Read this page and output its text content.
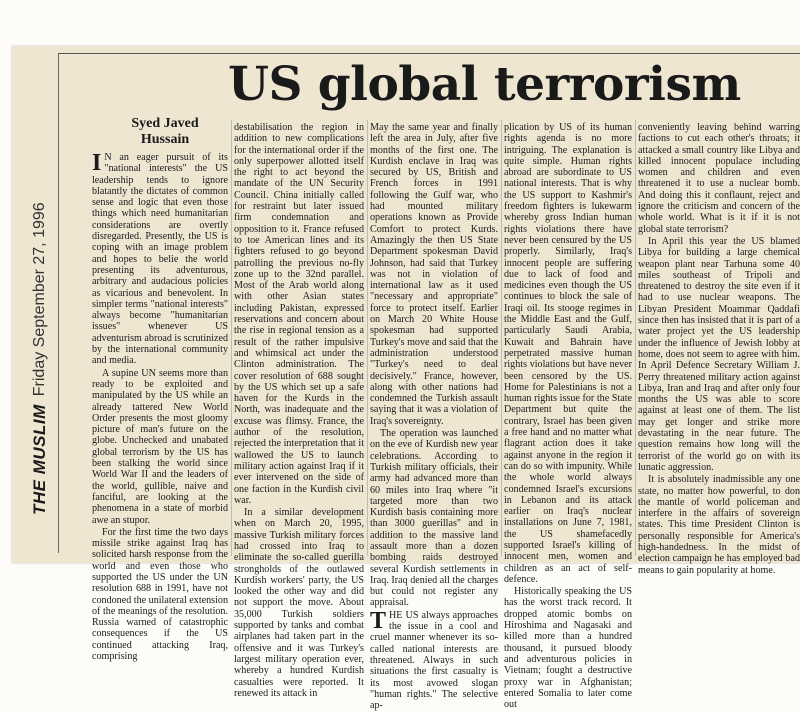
THE MUSLIM
Friday September 27, 1996
US global terrorism
Syed Javed
Hussain

I N an eager pursuit of its "national interests" the US leadership tends to ignore blatantly the dictates of common sense and logic that even those things which need humanitarian considerations are overtly disregarded. Presently, the US is coping with an image problem and hopes to belie the world presenting its adventurous, arbitrary and audacious policies as vicarious and benevolent. In simpler terms "national interests" always become "humanitarian issues" whenever US adventurism abroad is scrutinized by the international community and media.

A supine UN seems more than ready to be exploited and manipulated by the US while an already tattered New World Order presents the most gloomy picture of man's future on the globe. Unchecked and unabated global terrorism by the US has been stalking the world since World War II and the leaders of the world, gullible, naive and fanciful, are looking at the phenomena in a state of morbid awe an stupor.

For the first time the two days missile strike against Iraq has solicited harsh response from the world and even those who supported the US under the UN resolution 688 in 1991, have not condoned the unilateral extension of the meanings of the resolution. Russia warned of catastrophic consequences if the US continued attacking Iraq, comprising

destabilisation the region in addition to new complications for the international order if the only superpower allotted itself the right to act beyond the mandate of the UN Security Council. China initially called for restraint but later issued firm condemnation and opposition to it. France refused to toe American lines and its fighters refused to go beyond patrolling the previous no-fly zone up to the 32nd parallel. Most of the Arab world along with other Asian states including Pakistan, expressed reservations and concern about the rise in regional tension as a result of the rather impulsive and whimsical act under the Clinton administration. The cover resolution of 688 sought by the US which set up a safe haven for the Kurds in the North, was inadequate and the excuse was flimsy. France, the author of the resolution, rejected the interpretation that it wallowed the US to launch military action against Iraq if it ever intervened on the side of one faction in the Kurdish civil war.

In a similar development when on March 20, 1995, massive Turkish military forces had crossed into Iraq to eliminate the so-called guerilla strongholds of the outlawed Kurdish workers' party, the US looked the other way and did not support the move. About 35,000 Turkish soldiers supported by tanks and combat airplanes had taken part in the offensive and it was Turkey's largest military operation ever, whereby a hundred Kurdish casualties were reported. It renewed its attack in

May the same year and finally left the area in July, after five months of the first one. The Kurdish enclave in Iraq was secured by US, British and French forces in 1991 following the Gulf war, who had mounted military operations known as Provide Comfort to protect Kurds. Amazingly the then US State Department spokesman David Johnson, had said that Turkey was not in violation of international law as it used "necessary and appropriate" force to protect itself. Earlier on March 20 White House spokesman had supported Turkey's move and said that the administration understood "Turkey's need to deal decisively." France, however, along with other nations had condemned the Turkish assault saying that it was a violation of Iraq's sovereignty.

The operation was launched on the eve of Kurdish new year celebrations. According to Turkish military officials, their army had advanced more than 60 miles into Iraq where "it targeted more than two Kurdish basis containing more than 3000 guerillas" and in addition to the massive land assault more than a dozen bombing raids destroyed several Kurdish settlements in Iraq. Iraq denied all the charges but could not register any appraisal.

THE US always approaches the issue in a cool and cruel manner whenever its so-called national interests are threatened. Always in such situations the first casualty is its most avowed slogan "human rights." The selective ap-

plication by US of its human rights agenda is no more intriguing. The explanation is quite simple. Human rights abroad are subordinate to US national interests. That is why the US support to Kashmir's freedom fighters is lukewarm whereby gross Indian human rights violations there have never been censured by the US properly. Similarly, Iraq's innocent people are suffering due to lack of food and medicines even though the US continues to block the sale of Iraqi oil. Its stooge regimes in the Middle East and the Gulf, particularly Saudi Arabia, Kuwait and Bahrain have perpetrated massive human rights violations but have never been censored by the US. Home for Palestinians is not a human rights issue for the State Department but quite the contrary, Israel has been given a free hand and no matter what flagrant action does it take against anyone in the region it can do so with impunity. While the whole world always condemned Israel's excursions in Lebanon and its attack earlier on Iraq's nuclear installations on June 7, 1981, the US shamefacedly supported Israel's killing of innocent men, women and children as an act of self-defence.

Historically speaking the US has the worst track record. It dropped atomic bombs on Hiroshima and Nagasaki and killed more than a hundred thousand, it pursued bloody and adventurous policies in Vietnam; fought a destructive proxy war in Afghanistan; entered Somalia to later come out

conveniently leaving behind warring factions to cut each other's throats; it attacked a small country like Libya and killed innocent populace including women and children and even threatened it to use a nuclear bomb. And doing this it conflaunt, reject and ignore the criticism and concern of the whole world. What is it if it is not global state terrorism?

In April this year the US blamed Libya for building a large chemical weapon plant near Tarhuna some 40 miles southeast of Tripoli and threatened to destroy the site even if it had to use nuclear weapons. The Libyan President Moammar Qaddafi since then has insisted that it is part of a water project yet the US leadership under the influence of Jewish lobby at home, does not seem to agree with him. In April Defence Secretary William J. Perry threatened military action against Libya, Iran and Iraq and after only four months the US was able to score against at least one of them. The list may get longer and strike more devastating in the near future. The question remains how long will the terrorist of the world go on with its lunatic aggression.

It is absolutely inadmissible any one state, no matter how powerful, to don the mantle of world policeman and interfere in the affairs of sovereign states. This time President Clinton is personally responsible for America's high-handedness. In the midst of election campaign he has employed bad means to gain popularity at home.
